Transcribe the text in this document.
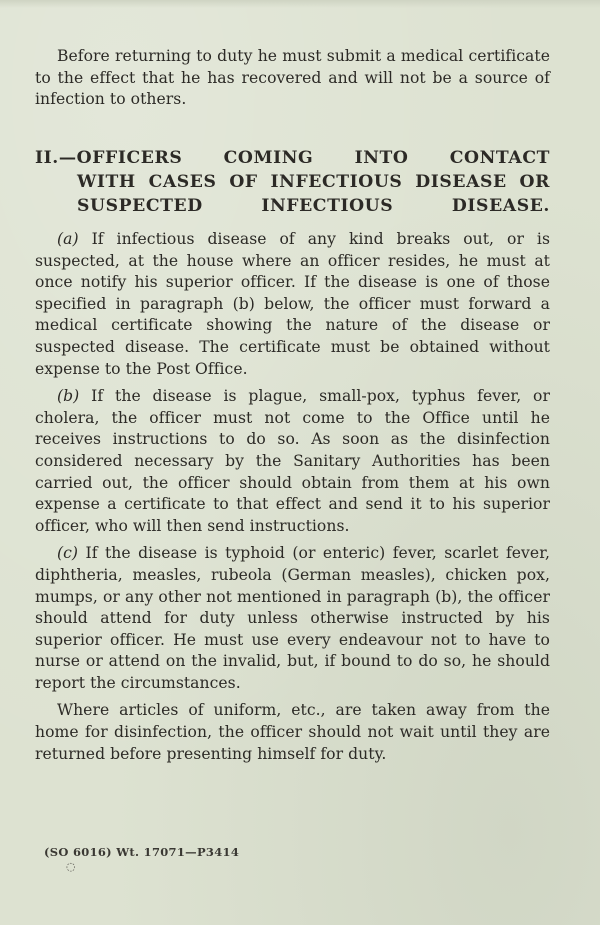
Before returning to duty he must submit a medical certificate to the effect that he has recovered and will not be a source of infection to others.
II.—OFFICERS COMING INTO CONTACT
WITH CASES OF INFECTIOUS DISEASE OR SUSPECTED INFECTIOUS DISEASE.

(a) If infectious disease of any kind breaks out, or is suspected, at the house where an officer resides, he must at once notify his superior officer. If the disease is one of those specified in paragraph (b) below, the officer must forward a medical certificate showing the nature of the disease or suspected disease. The certificate must be obtained without expense to the Post Office.

(b) If the disease is plague, small-pox, typhus fever, or cholera, the officer must not come to the Office until he receives instructions to do so. As soon as the disinfection considered necessary by the Sanitary Authorities has been carried out, the officer should obtain from them at his own expense a certificate to that effect and send it to his superior officer, who will then send instructions.

(c) If the disease is typhoid (or enteric) fever, scarlet fever, diphtheria, measles, rubeola (German measles), chicken pox, mumps, or any other not mentioned in paragraph (b), the officer should attend for duty unless otherwise instructed by his superior officer. He must use every endeavour not to have to nurse or attend on the invalid, but, if bound to do so, he should report the circumstances.

Where articles of uniform, etc., are taken away from the home for disinfection, the officer should not wait until they are returned before presenting himself for duty.

(SO 6016) Wt. 17071—P3414
◌
